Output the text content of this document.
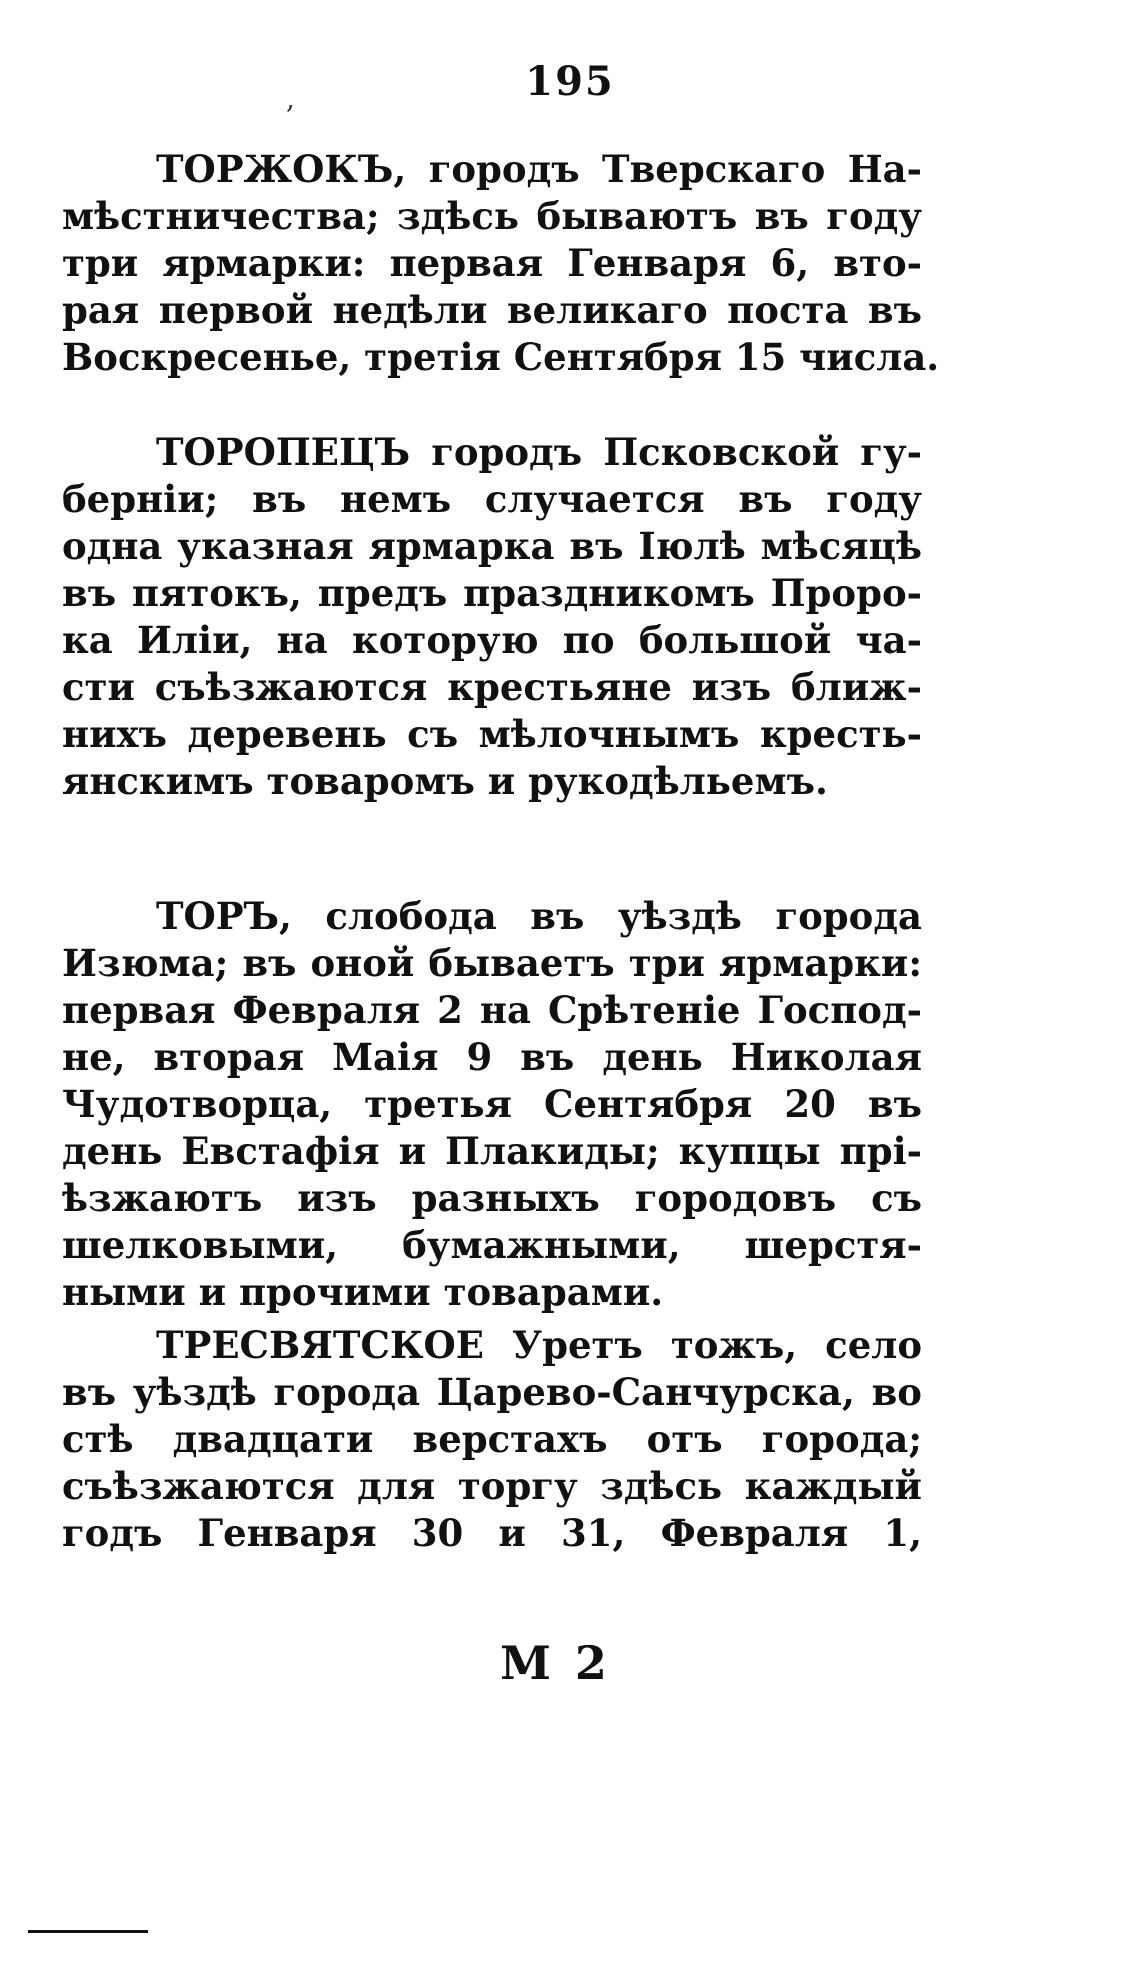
,	195
ТОРЖОКЪ, городъ Тверскаго На-
мѣстничества; здѣсь бываютъ въ году
три ярмарки: первая Генваря 6, вто-
рая первой недѣли великаго поста въ
Воскресенье, третія Сентября 15 числа.
ТОРОПЕЦЪ городъ Псковской гу-
берніи; въ немъ случается въ году
одна указная ярмарка въ Іюлѣ мѣсяцѣ
въ пятокъ, предъ праздникомъ Проро-
ка Иліи, на которую по большой ча-
сти съѣзжаются крестьяне изъ ближ-
нихъ деревень съ мѣлочнымъ кресть-
янскимъ товаромъ и рукодѣльемъ.
ТОРЪ, слобода въ уѣздѣ города
Изюма; въ оной бываетъ три ярмарки:
первая Февраля 2 на Срѣтеніе Господ-
не, вторая Маія 9 въ день Николая
Чудотворца, третья Сентября 20 въ
день Евстафія и Плакиды; купцы прі-
ѣзжаютъ изъ разныхъ городовъ съ
шелковыми, бумажными, шерстя-
ными и прочими товарами.
ТРЕСВЯТСКОЕ Уретъ тожъ, село
въ уѣздѣ города Царево-Санчурска, во
стѣ двадцати верстахъ отъ города;
съѣзжаются для торгу здѣсь каждый
годъ Генваря 30 и 31, Февраля 1,
М 2
